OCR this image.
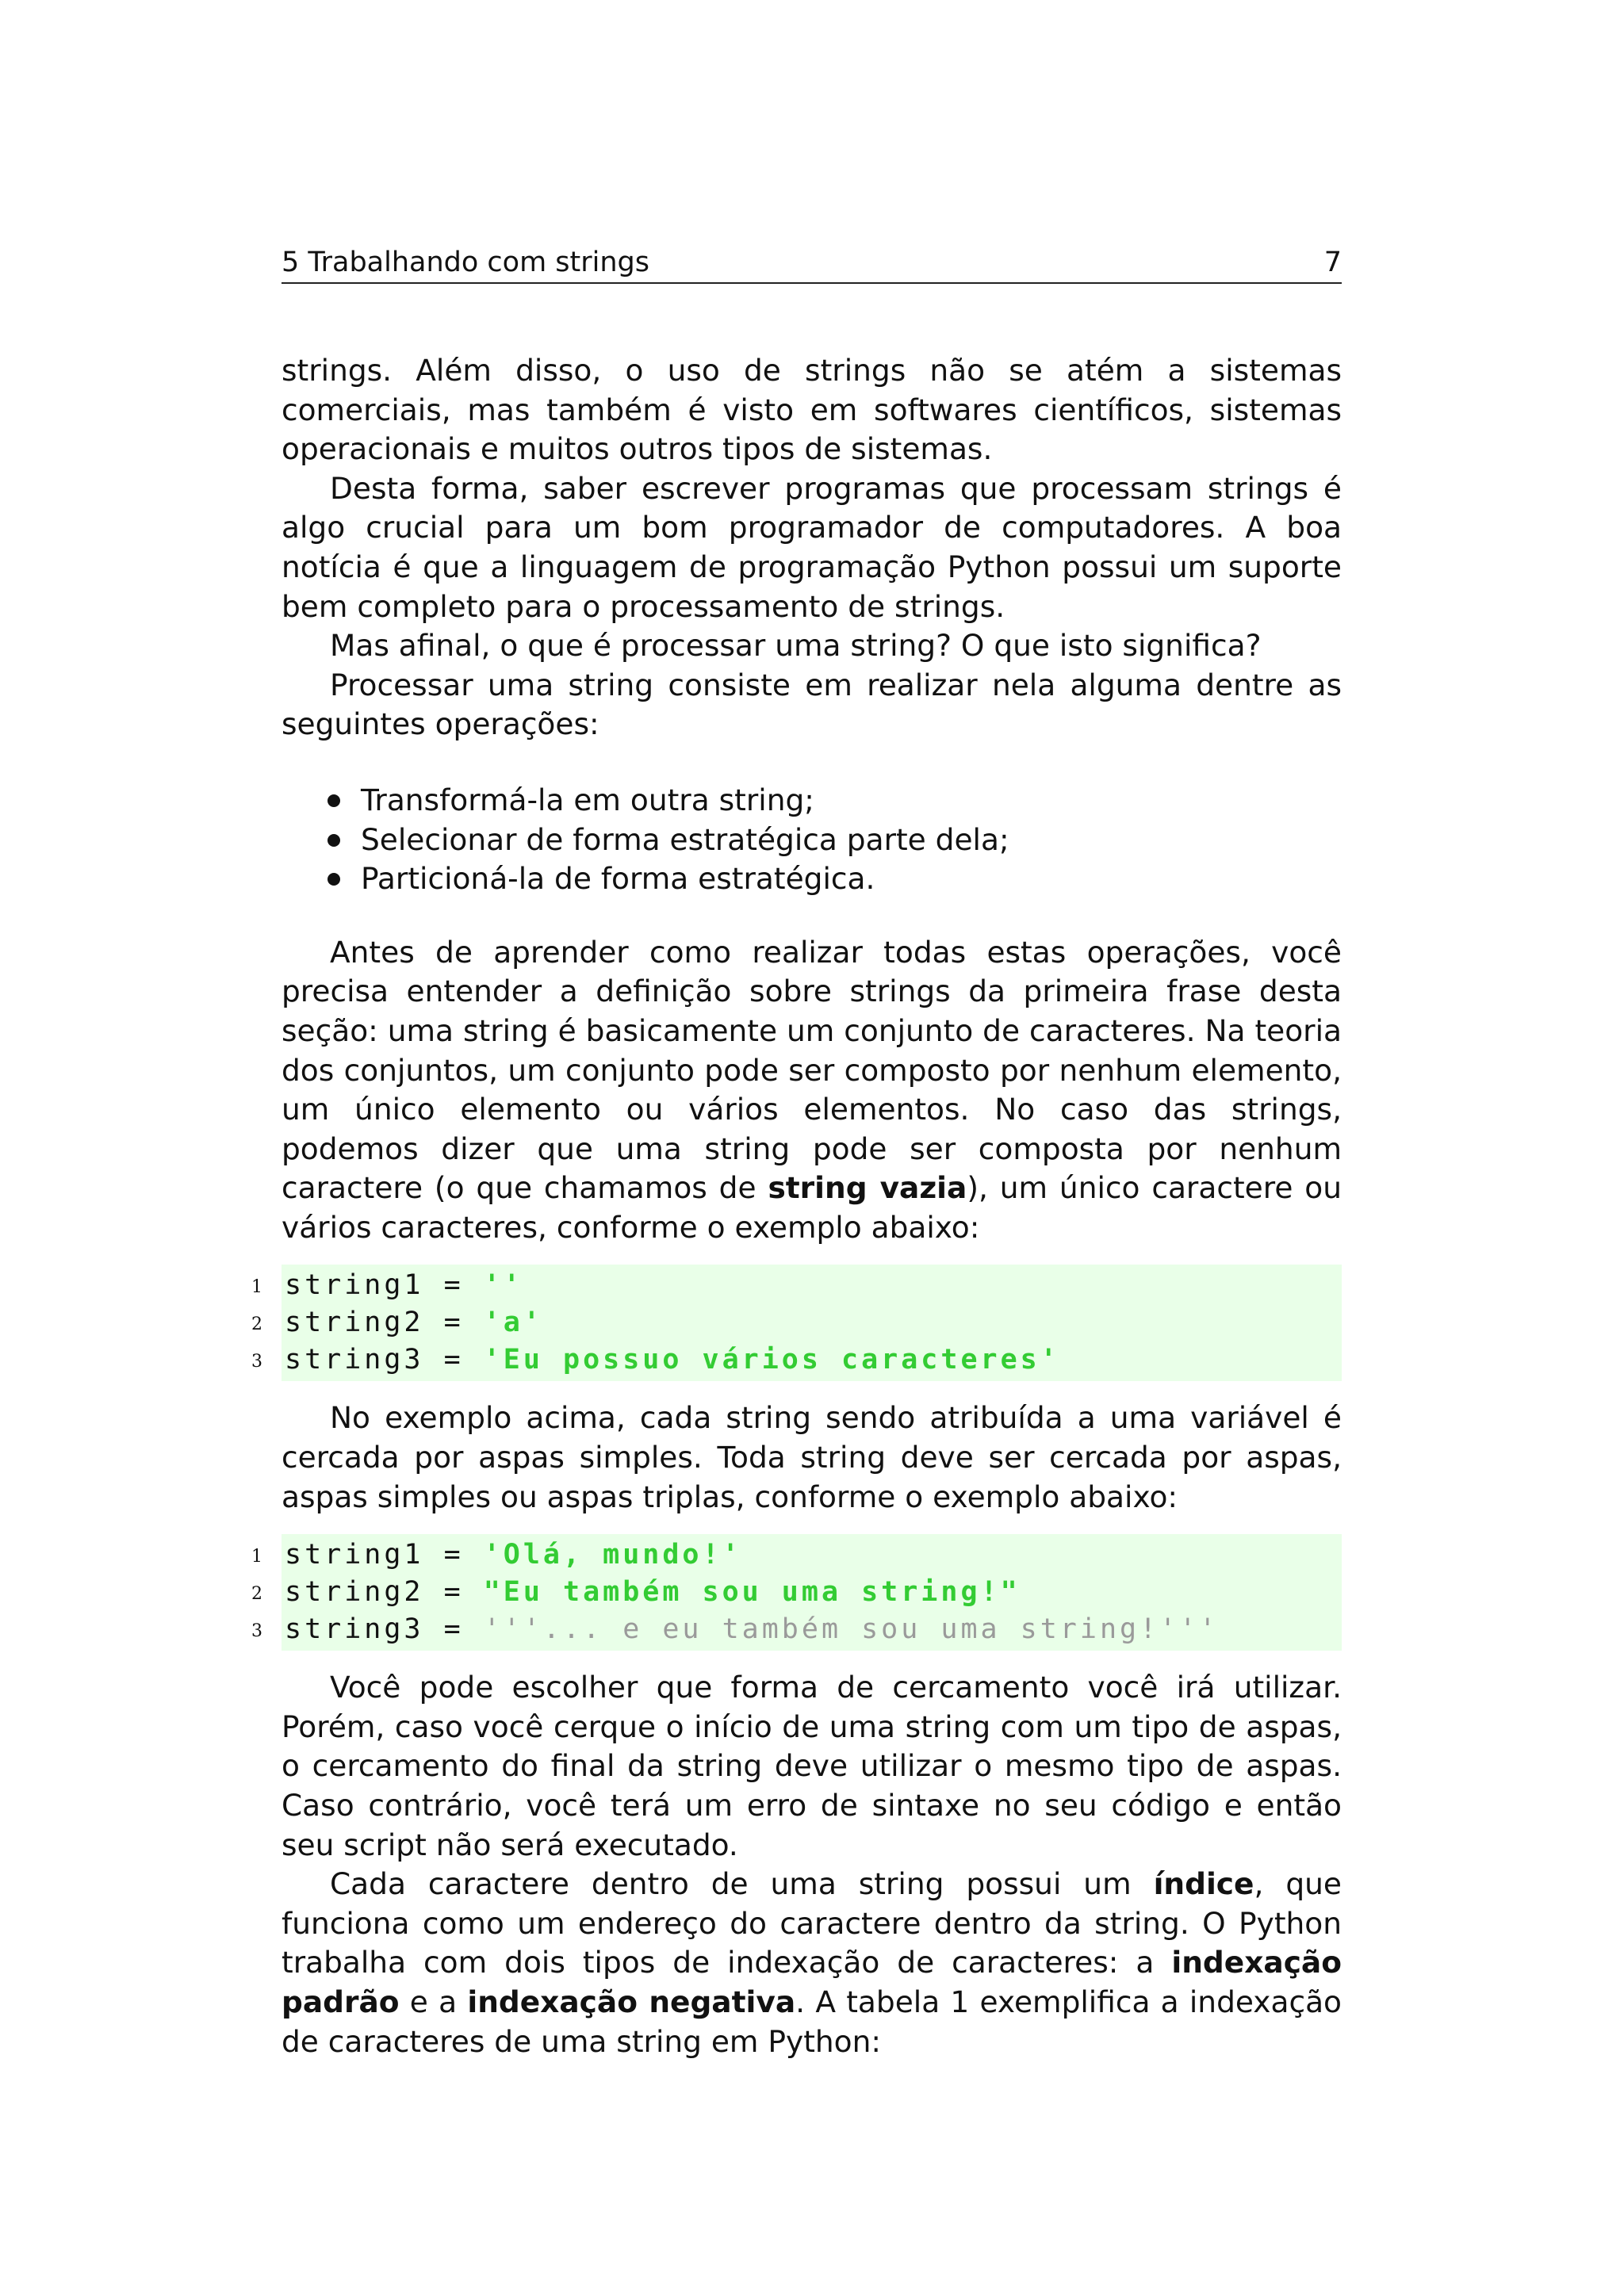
5 Trabalhando com strings	7

strings. Além disso, o uso de strings não se atém a sistemas comerciais, mas também é visto em softwares científicos, sistemas operacionais e muitos outros tipos de sistemas.

Desta forma, saber escrever programas que processam strings é algo crucial para um bom programador de computadores. A boa notícia é que a linguagem de programação Python possui um suporte bem completo para o processamento de strings.

Mas afinal, o que é processar uma string? O que isto significa?

Processar uma string consiste em realizar nela alguma dentre as seguintes operações:

Transformá-la em outra string;
Selecionar de forma estratégica parte dela;
Particioná-la de forma estratégica.

Antes de aprender como realizar todas estas operações, você precisa entender a definição sobre strings da primeira frase desta seção: uma string é basicamente um conjunto de caracteres. Na teoria dos conjuntos, um conjunto pode ser composto por nenhum elemento, um único elemento ou vários elementos. No caso das strings, podemos dizer que uma string pode ser composta por nenhum caractere (o que chamamos de string vazia), um único caractere ou vários caracteres, conforme o exemplo abaixo:

1 string1 = ''
2 string2 = 'a'
3 string3 = 'Eu possuo vários caracteres'

No exemplo acima, cada string sendo atribuída a uma variável é cercada por aspas simples. Toda string deve ser cercada por aspas, aspas simples ou aspas triplas, conforme o exemplo abaixo:

1 string1 = 'Olá, mundo!'
2 string2 = "Eu também sou uma string!"
3 string3 = '''... e eu também sou uma string!'''

Você pode escolher que forma de cercamento você irá utilizar. Porém, caso você cerque o início de uma string com um tipo de aspas, o cercamento do final da string deve utilizar o mesmo tipo de aspas. Caso contrário, você terá um erro de sintaxe no seu código e então seu script não será executado.

Cada caractere dentro de uma string possui um índice, que funciona como um endereço do caractere dentro da string. O Python trabalha com dois tipos de indexação de caracteres: a indexação padrão e a indexação negativa. A tabela 1 exemplifica a indexação de caracteres de uma string em Python:
